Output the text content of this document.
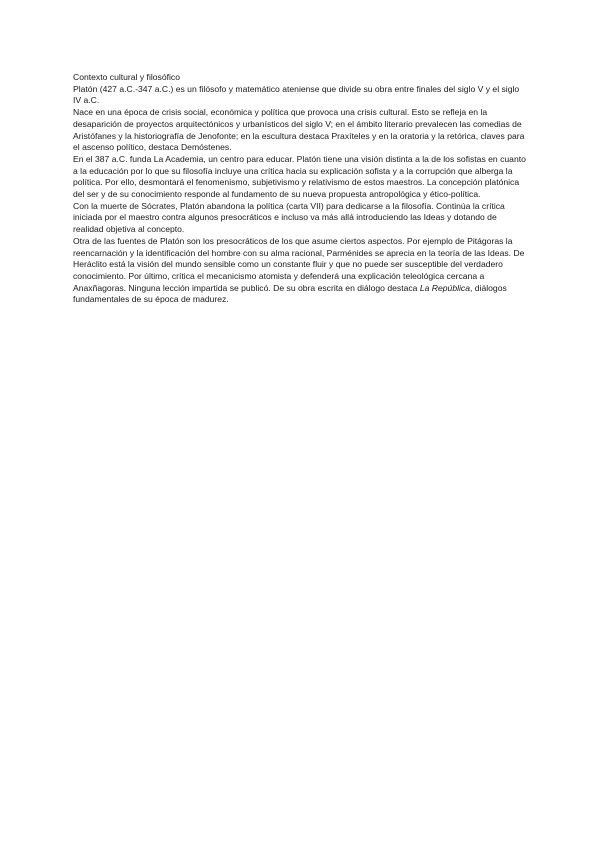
Contexto cultural y filosófico

Platón (427 a.C.-347 a.C.) es un filósofo y matemático ateniense que divide su obra entre finales del siglo V y el siglo IV a.C.

Nace en una época de crisis social, económica y política que provoca una crisis cultural. Esto se refleja en la desaparición de proyectos arquitectónicos y urbanísticos del siglo V; en el ámbito literario prevalecen las comedias de Aristófanes y la historiografía de Jenofonte; en la escultura destaca Praxíteles y en la oratoria y la retórica, claves para el ascenso político, destaca Demóstenes.

En el 387 a.C. funda La Academia, un centro para educar. Platón tiene una visión distinta a la de los sofistas en cuanto a la educación por lo que su filosofía incluye una crítica hacia su explicación sofista y a la corrupción que alberga la política. Por ello, desmontará el fenomenismo, subjetivismo y relativismo de estos maestros. La concepción platónica del ser y de su conocimiento responde al fundamento de su nueva propuesta antropológica y ético-política.

Con la muerte de Sócrates, Platón abandona la política (carta VII) para dedicarse a la filosofía. Continúa la crítica iniciada por el maestro contra algunos presocráticos e incluso va más allá introduciendo las Ideas y dotando de realidad objetiva al concepto.

Otra de las fuentes de Platón son los presocráticos de los que asume ciertos aspectos. Por ejemplo de Pitágoras la reencarnación y la identificación del hombre con su alma racional, Parménides se aprecia en la teoría de las Ideas. De Heráclito está la visión del mundo sensible como un constante fluir y que no puede ser susceptible del verdadero conocimiento. Por último, crítica el mecanicismo atomista y defenderá una explicación teleológica cercana a Anaxñagoras. Ninguna lección impartida se publicó. De su obra escrita en diálogo destaca La República, diálogos fundamentales de su época de madurez.
